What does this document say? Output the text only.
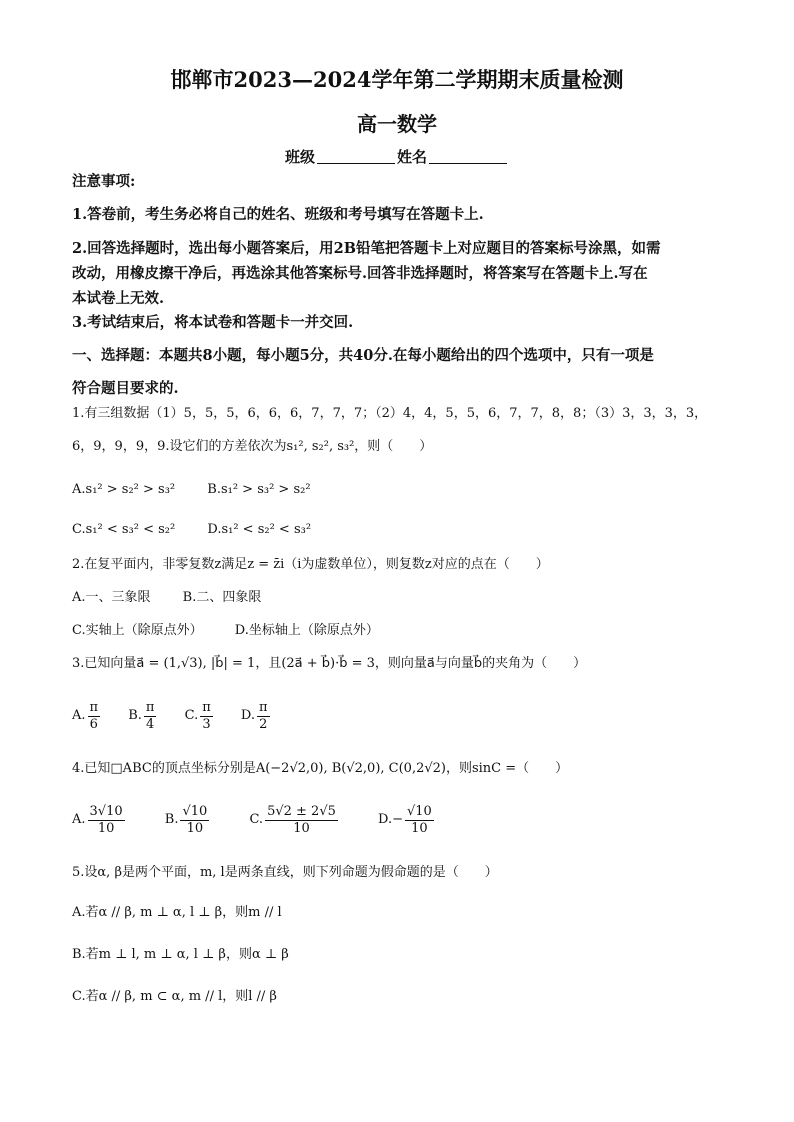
邯郸市2023—2024学年第二学期期末质量检测
高一数学
班级	姓名
注意事项:
1.答卷前，考生务必将自己的姓名、班级和考号填写在答题卡上.
2.回答选择题时，选出每小题答案后，用2B铅笔把答题卡上对应题目的答案标号涂黑，如需
改动，用橡皮擦干净后，再选涂其他答案标号.回答非选择题时，将答案写在答题卡上.写在
本试卷上无效.
3.考试结束后，将本试卷和答题卡一并交回.
一、选择题：本题共8小题，每小题5分，共40分.在每小题给出的四个选项中，只有一项是
符合题目要求的.
1.有三组数据（1）5，5，5，6，6，6，7，7，7；（2）4，4，5，5，6，7，7，8，8；（3）3，3，3，3，
6，9，9，9，9.设它们的方差依次为s₁², s₂², s₃²，则（　　）
A.s₁² > s₂² > s₃² B.s₁² > s₃² > s₂²
C.s₁² < s₃² < s₂² D.s₁² < s₂² < s₃²
2.在复平面内，非零复数z满足z = z̄i（i为虚数单位），则复数z对应的点在（　　）
A.一、三象限 B.二、四象限
C.实轴上（除原点外） D.坐标轴上（除原点外）
3.已知向量a⃗ = (1,√3), |b⃗| = 1，且(2a⃗ + b⃗)·b⃗ = 3，则向量a⃗与向量b⃗的夹角为（　　）
A. $\frac{\pi}{6} B$. $\frac{\pi}{4} C$. $\frac{\pi}{3} D$. $\frac{\pi}{2}$
4.已知□ABC的顶点坐标分别是A(−2√2,0), B(√2,0), C(0,2√2)，则sinC =（　　）
A. $\frac{3√10}{10}$	B. $\frac{√10}{10}$	C. $\frac{5√2 \pm 2√5}{10}$	$D.- \frac{√10}{10}$
5.设α, β是两个平面，m, l是两条直线，则下列命题为假命题的是（　　）
A.若α // β, m ⊥ α, l ⊥ β，则m // l
B.若m ⊥ l, m ⊥ α, l ⊥ β，则α ⊥ β
C.若α // β, m ⊂ α, m // l，则l // β
